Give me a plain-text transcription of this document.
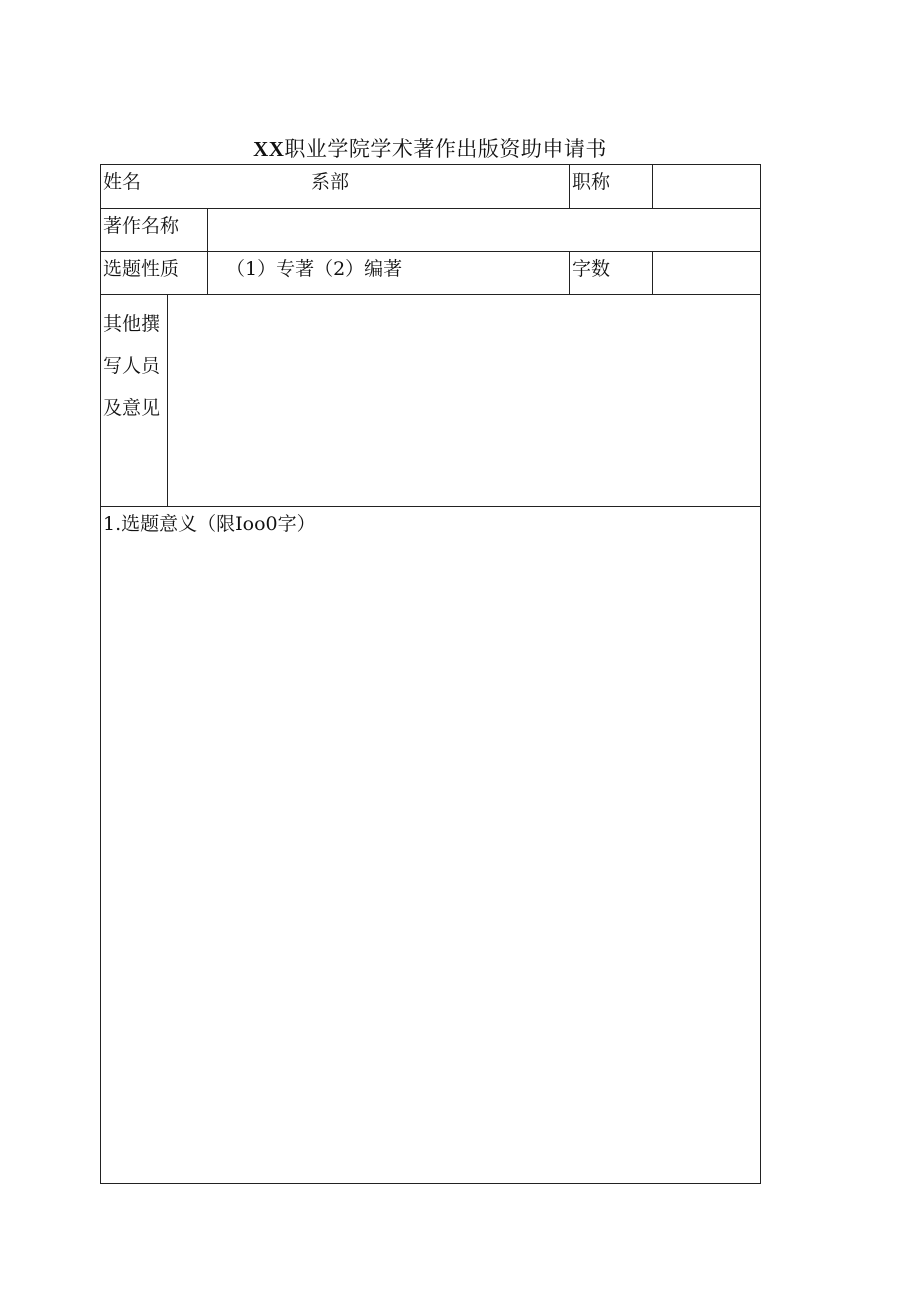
XX职业学院学术著作出版资助申请书
姓名	系部	职称
著作名称
选题性质	（1）专著（2）编著	字数
其他撰
写人员
及意见
1.选题意义（限Ioo0字）
